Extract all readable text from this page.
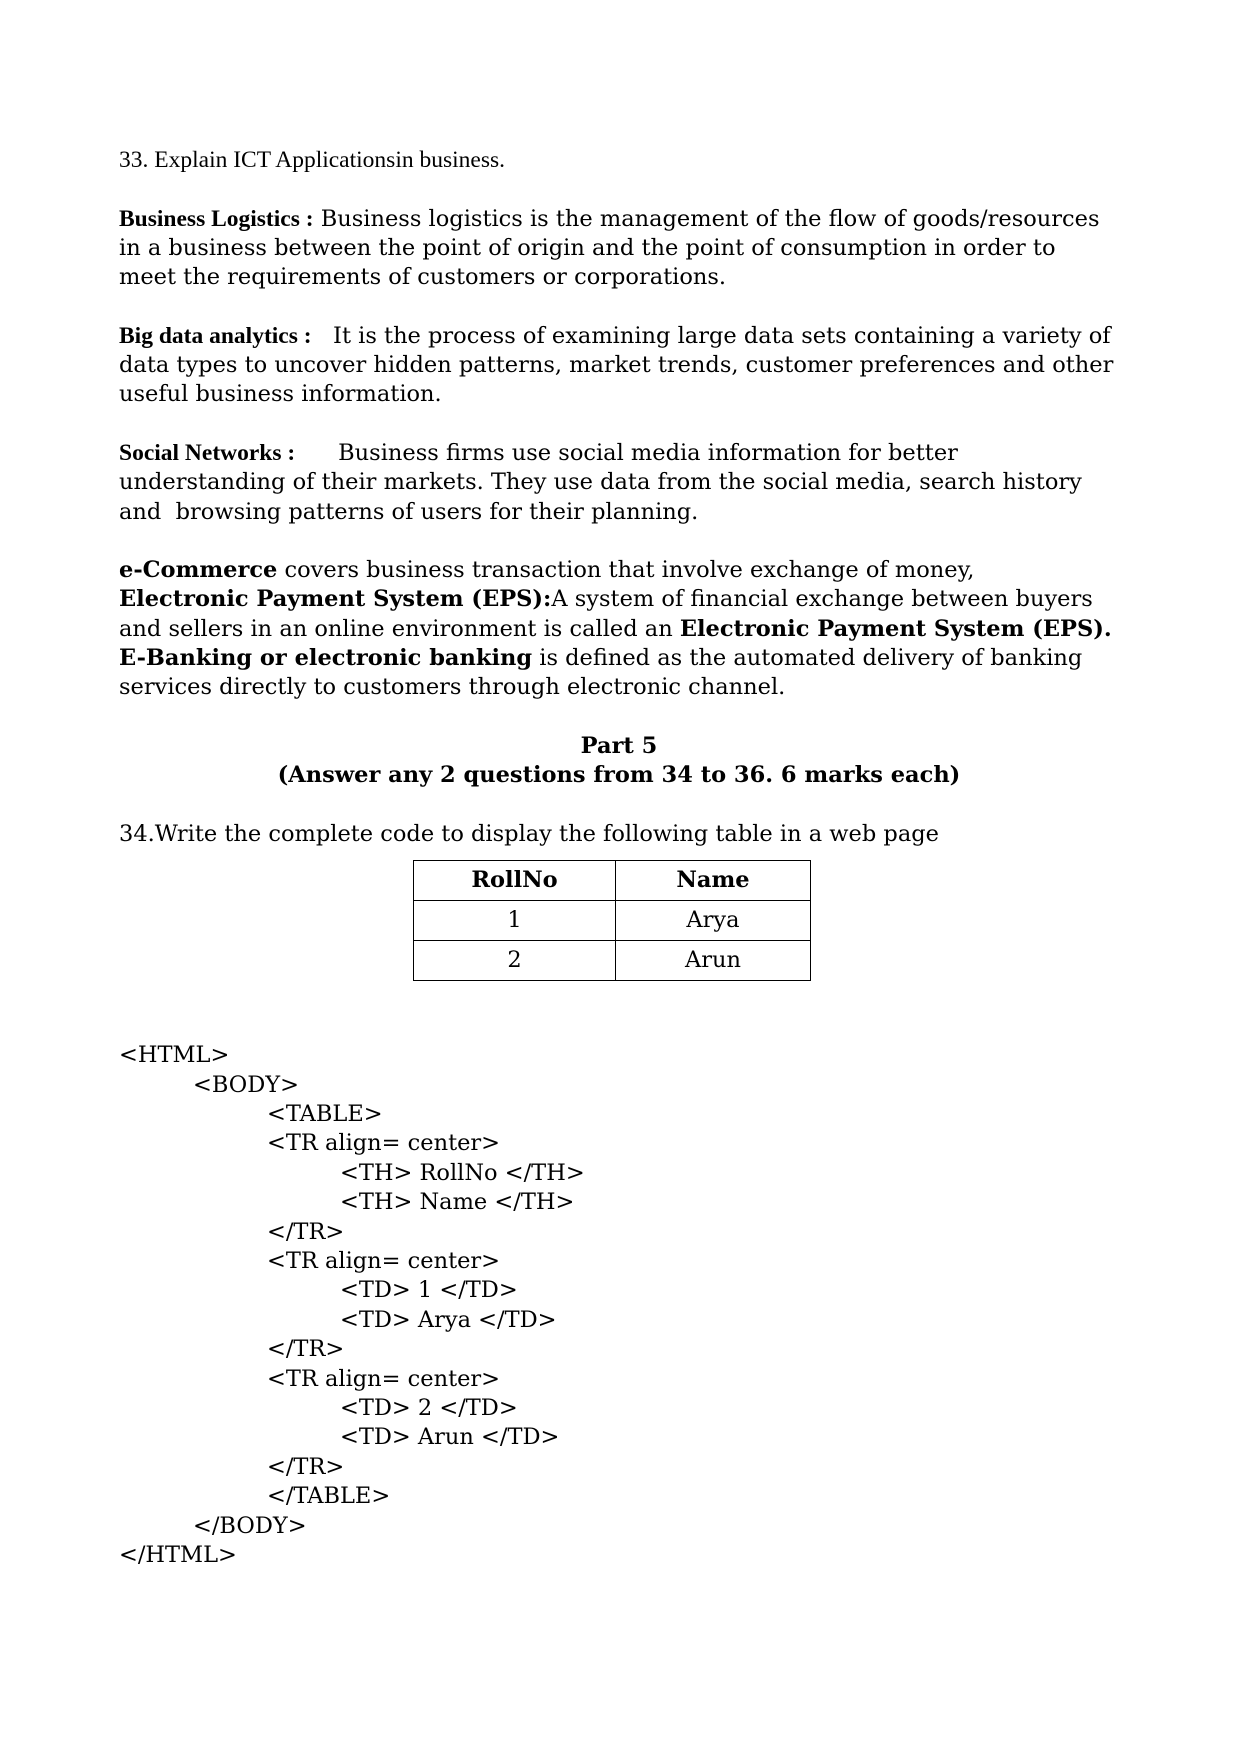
33. Explain ICT Applicationsin business.

Business Logistics : Business logistics is the management of the flow of goods/resources in a business between the point of origin and the point of consumption in order to meet the requirements of customers or corporations.

Big data analytics :   It is the process of examining large data sets containing a variety of data types to uncover hidden patterns, market trends, customer preferences and other useful business information.

Social Networks :      Business firms use social media information for better understanding of their markets. They use data from the social media, search history and  browsing patterns of users for their planning.

e-Commerce covers business transaction that involve exchange of money,

Electronic Payment System (EPS):A system of financial exchange between buyers and sellers in an online environment is called an Electronic Payment System (EPS).

E-Banking or electronic banking is defined as the automated delivery of banking services directly to customers through electronic channel.

Part 5
(Answer any 2 questions from 34 to 36. 6 marks each)

34.Write the complete code to display the following table in a web page

RollNo	Name
1	Arya
2	Arun
<HTML>
<BODY>
<TABLE>
<TR align= center>
<TH> RollNo </TH>
<TH> Name </TH>
</TR>
<TR align= center>
<TD> 1 </TD>
<TD> Arya </TD>
</TR>
<TR align= center>
<TD> 2 </TD>
<TD> Arun </TD>
</TR>
</TABLE>
</BODY>
</HTML>
